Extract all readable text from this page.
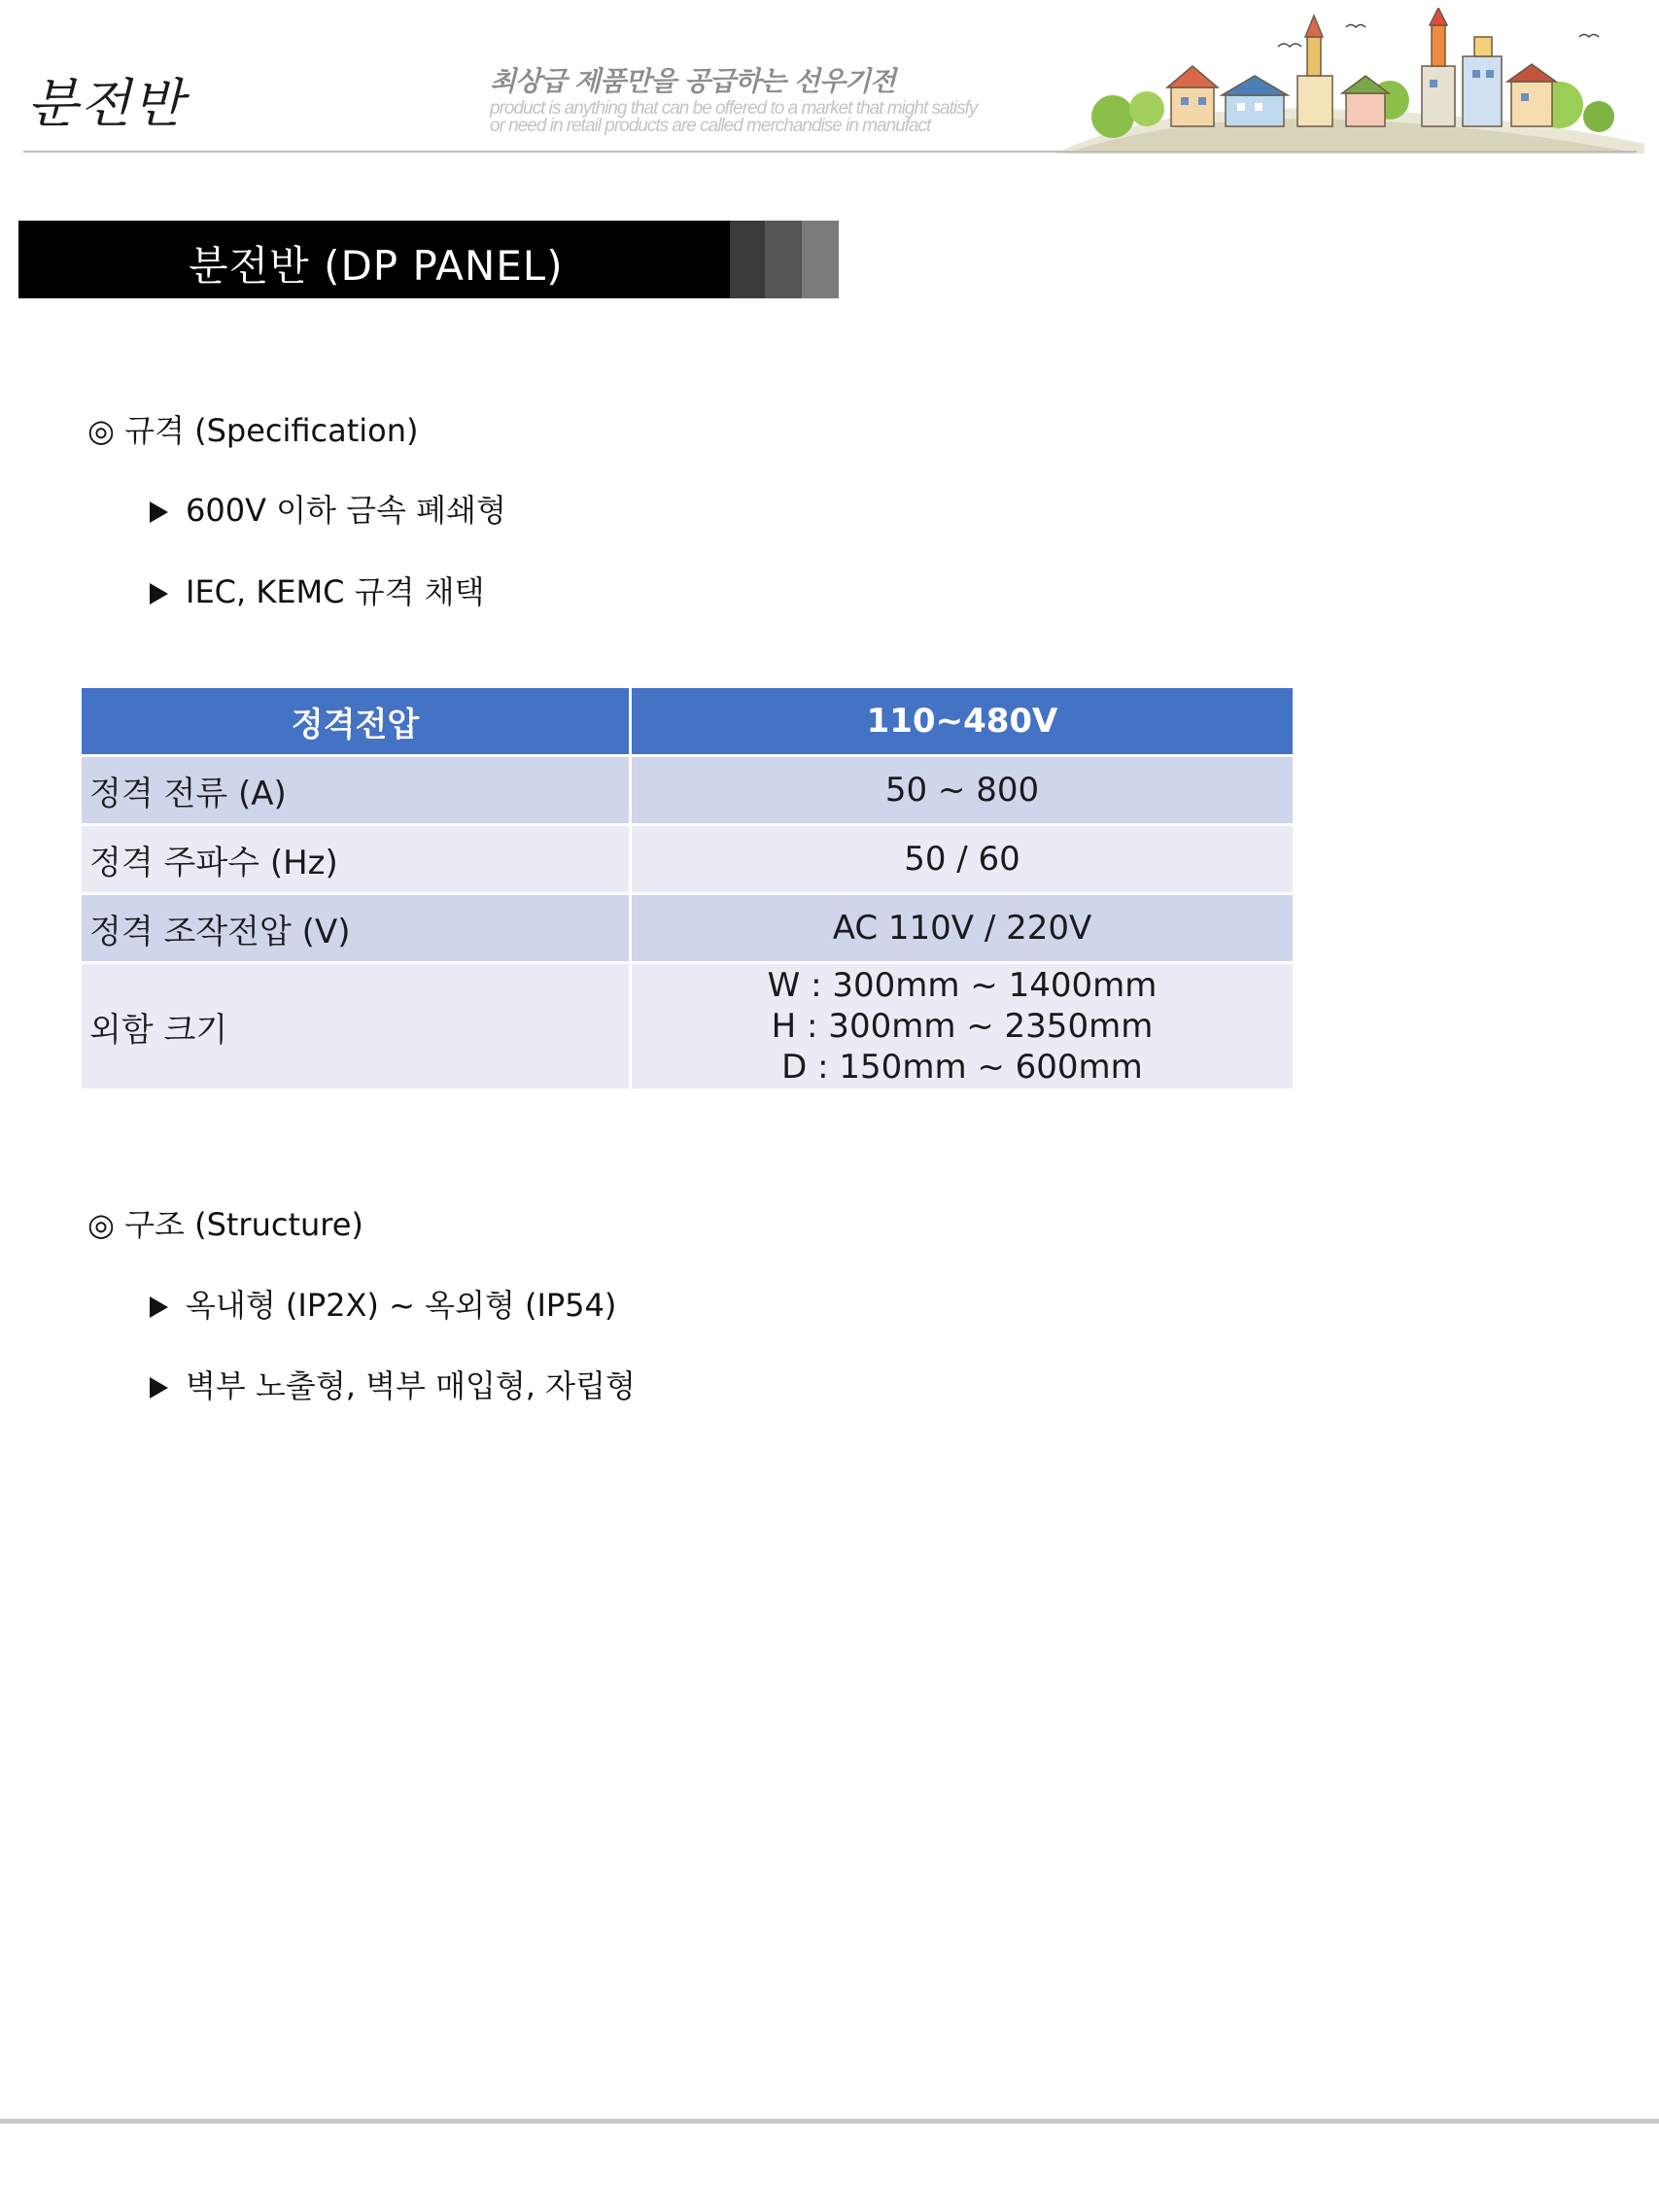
분전반	최상급 제품만을 공급하는 선우기전
product is anything that can be offered to a market that might satisfy
or need in retail products are called merchandise in manufact
분전반 (DP PANEL)
◎ 규격 (Specification)
600V 이하 금속 폐쇄형
IEC, KEMC 규격 채택
정격전압	110~480V
정격 전류 (A)	50 ~ 800
정격 주파수 (Hz)	50 / 60
정격 조작전압 (V)	AC 110V / 220V
외함 크기	W : 300mm ~ 1400mm
H : 300mm ~ 2350mm
D : 150mm ~ 600mm
◎ 구조 (Structure)
옥내형 (IP2X) ~ 옥외형 (IP54)
벽부 노출형, 벽부 매입형, 자립형
